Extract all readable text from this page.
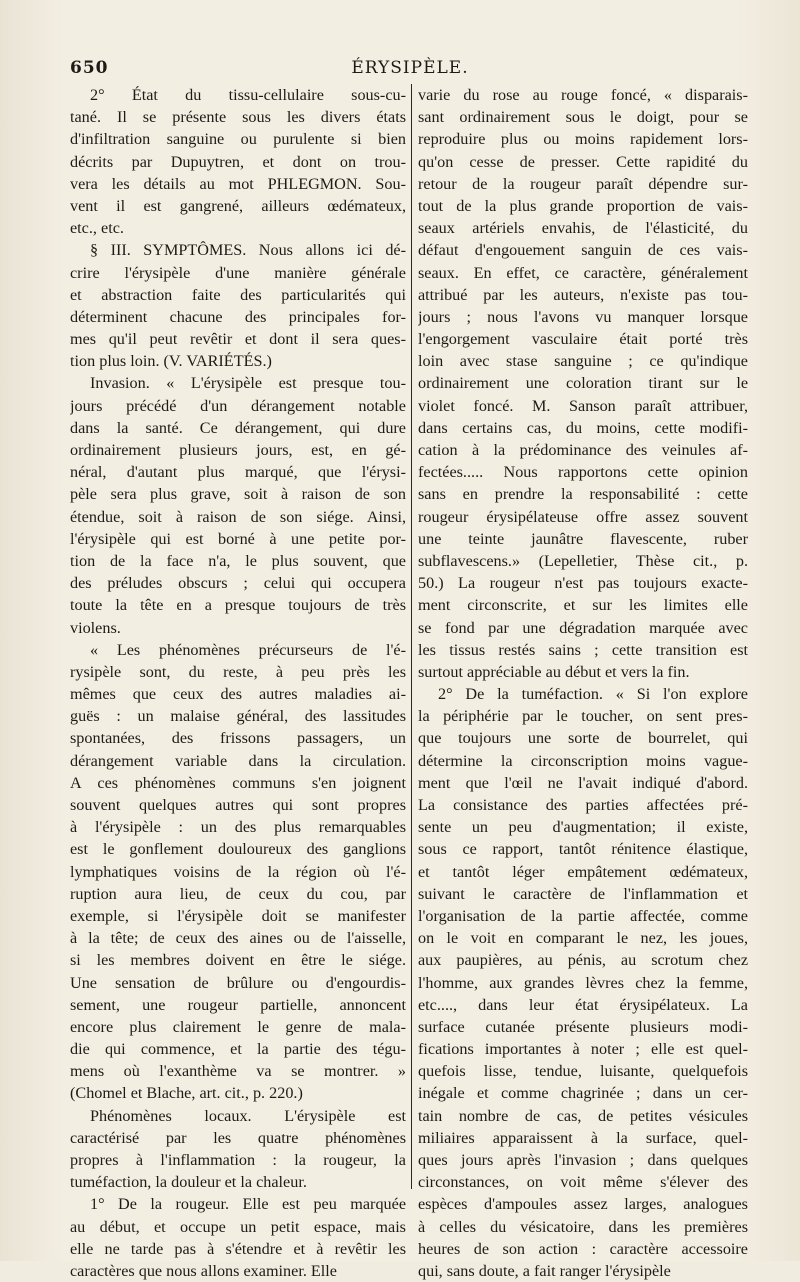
650	ÉRYSIPÈLE.
2° État du tissu-cellulaire sous-cu-
tané. Il se présente sous les divers états
d'infiltration sanguine ou purulente si bien
décrits par Dupuytren, et dont on trou-
vera les détails au mot PHLEGMON. Sou-
vent il est gangrené, ailleurs œdémateux,
etc., etc.
§ III. SYMPTÔMES. Nous allons ici dé-
crire l'érysipèle d'une manière générale
et abstraction faite des particularités qui
déterminent chacune des principales for-
mes qu'il peut revêtir et dont il sera ques-
tion plus loin. (V. VARIÉTÉS.)
Invasion. « L'érysipèle est presque tou-
jours précédé d'un dérangement notable
dans la santé. Ce dérangement, qui dure
ordinairement plusieurs jours, est, en gé-
néral, d'autant plus marqué, que l'érysi-
pèle sera plus grave, soit à raison de son
étendue, soit à raison de son siége. Ainsi,
l'érysipèle qui est borné à une petite por-
tion de la face n'a, le plus souvent, que
des préludes obscurs ; celui qui occupera
toute la tête en a presque toujours de très
violens.
« Les phénomènes précurseurs de l'é-
rysipèle sont, du reste, à peu près les
mêmes que ceux des autres maladies ai-
guës : un malaise général, des lassitudes
spontanées, des frissons passagers, un
dérangement variable dans la circulation.
A ces phénomènes communs s'en joignent
souvent quelques autres qui sont propres
à l'érysipèle : un des plus remarquables
est le gonflement douloureux des ganglions
lymphatiques voisins de la région où l'é-
ruption aura lieu, de ceux du cou, par
exemple, si l'érysipèle doit se manifester
à la tête; de ceux des aines ou de l'aisselle,
si les membres doivent en être le siége.
Une sensation de brûlure ou d'engourdis-
sement, une rougeur partielle, annoncent
encore plus clairement le genre de mala-
die qui commence, et la partie des tégu-
mens où l'exanthème va se montrer. »
(Chomel et Blache, art. cit., p. 220.)
Phénomènes locaux. L'érysipèle est
caractérisé par les quatre phénomènes
propres à l'inflammation : la rougeur, la
tuméfaction, la douleur et la chaleur.
1° De la rougeur. Elle est peu marquée
au début, et occupe un petit espace, mais
elle ne tarde pas à s'étendre et à revêtir les
caractères que nous allons examiner. Elle
varie du rose au rouge foncé, « disparais-
sant ordinairement sous le doigt, pour se
reproduire plus ou moins rapidement lors-
qu'on cesse de presser. Cette rapidité du
retour de la rougeur paraît dépendre sur-
tout de la plus grande proportion de vais-
seaux artériels envahis, de l'élasticité, du
défaut d'engouement sanguin de ces vais-
seaux. En effet, ce caractère, généralement
attribué par les auteurs, n'existe pas tou-
jours ; nous l'avons vu manquer lorsque
l'engorgement vasculaire était porté très
loin avec stase sanguine ; ce qu'indique
ordinairement une coloration tirant sur le
violet foncé. M. Sanson paraît attribuer,
dans certains cas, du moins, cette modifi-
cation à la prédominance des veinules af-
fectées..... Nous rapportons cette opinion
sans en prendre la responsabilité : cette
rougeur érysipélateuse offre assez souvent
une teinte jaunâtre flavescente, ruber
subflavescens.» (Lepelletier, Thèse cit., p.
50.) La rougeur n'est pas toujours exacte-
ment circonscrite, et sur les limites elle
se fond par une dégradation marquée avec
les tissus restés sains ; cette transition est
surtout appréciable au début et vers la fin.
2° De la tuméfaction. « Si l'on explore
la périphérie par le toucher, on sent pres-
que toujours une sorte de bourrelet, qui
détermine la circonscription moins vague-
ment que l'œil ne l'avait indiqué d'abord.
La consistance des parties affectées pré-
sente un peu d'augmentation; il existe,
sous ce rapport, tantôt rénitence élastique,
et tantôt léger empâtement œdémateux,
suivant le caractère de l'inflammation et
l'organisation de la partie affectée, comme
on le voit en comparant le nez, les joues,
aux paupières, au pénis, au scrotum chez
l'homme, aux grandes lèvres chez la femme,
etc...., dans leur état érysipélateux. La
surface cutanée présente plusieurs modi-
fications importantes à noter ; elle est quel-
quefois lisse, tendue, luisante, quelquefois
inégale et comme chagrinée ; dans un cer-
tain nombre de cas, de petites vésicules
miliaires apparaissent à la surface, quel-
ques jours après l'invasion ; dans quelques
circonstances, on voit même s'élever des
espèces d'ampoules assez larges, analogues
à celles du vésicatoire, dans les premières
heures de son action : caractère accessoire
qui, sans doute, a fait ranger l'érysipèle
